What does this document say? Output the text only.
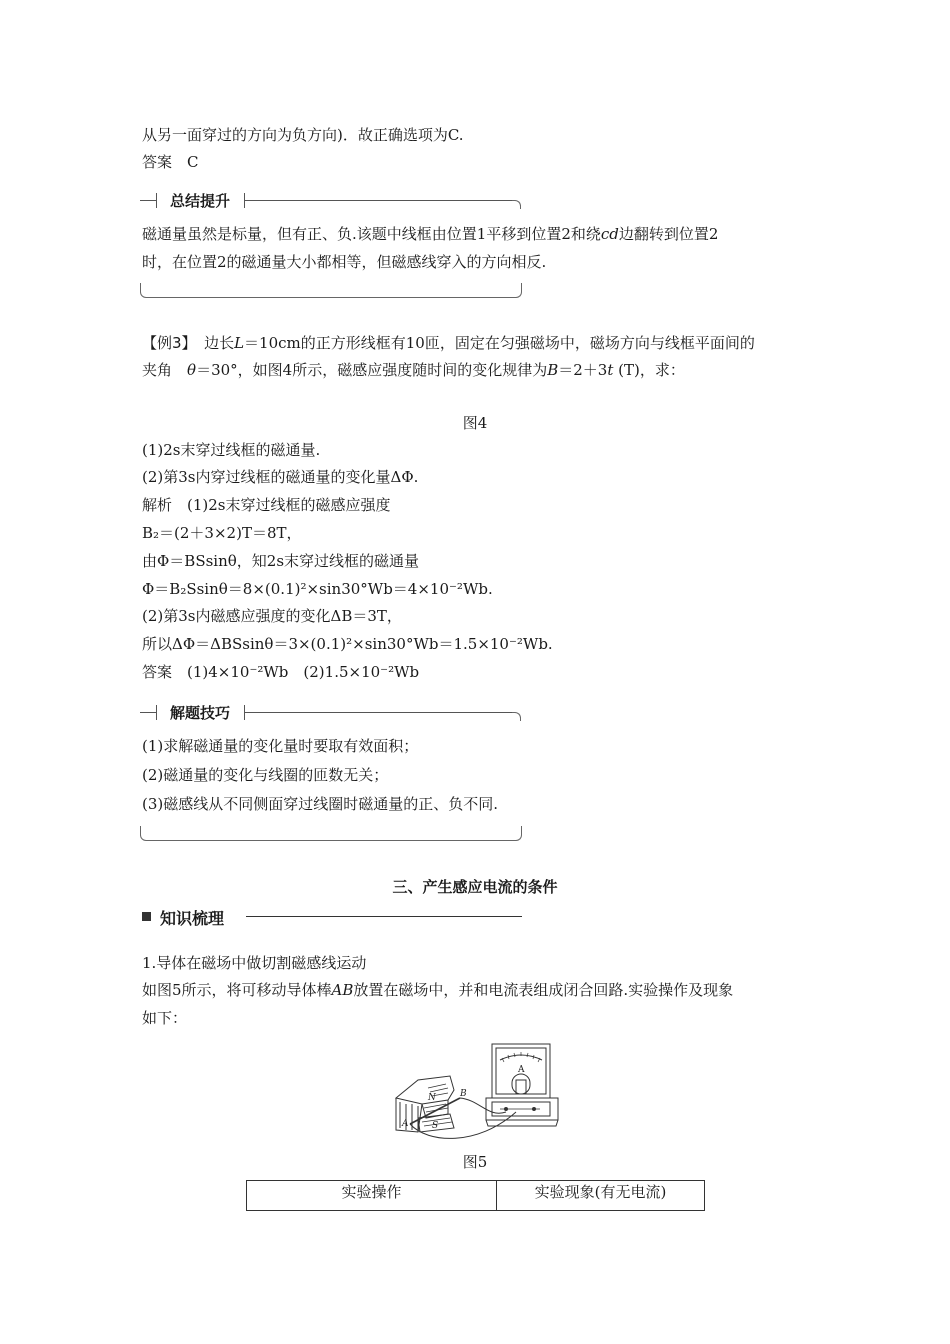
从另一面穿过的方向为负方向)．故正确选项为C.
答案　C
总结提升
磁通量虽然是标量，但有正、负.该题中线框由位置1平移到位置2和绕cd边翻转到位置2
时，在位置2的磁通量大小都相等，但磁感线穿入的方向相反.
【例3】　 边长L＝10cm的正方形线框有10匝，固定在匀强磁场中，磁场方向与线框平面间的
夹角　 θ＝30°，如图4所示，磁感应强度随时间的变化规律为B＝2＋3t (T)，求：
图4
(1)2s末穿过线框的磁通量.
(2)第3s内穿过线框的磁通量的变化量ΔΦ.
解析　(1)2s末穿过线框的磁感应强度
B₂＝(2＋3×2)T＝8T，
由Φ＝BSsinθ，知2s末穿过线框的磁通量
Φ＝B₂Ssinθ＝8×(0.1)²×sin30°Wb＝4×10⁻²Wb.
(2)第3s内磁感应强度的变化ΔB＝3T，
所以ΔΦ＝ΔBSsinθ＝3×(0.1)²×sin30°Wb＝1.5×10⁻²Wb.
答案　(1)4×10⁻²Wb　(2)1.5×10⁻²Wb
解题技巧
(1)求解磁通量的变化量时要取有效面积；
(2)磁通量的变化与线圈的匝数无关；
(3)磁感线从不同侧面穿过线圈时磁通量的正、负不同.
三、产生感应电流的条件
知识梳理
1.导体在磁场中做切割磁感线运动
如图5所示，将可移动导体棒AB放置在磁场中，并和电流表组成闭合回路.实验操作及现象
如下：
B
A
N
S
A
图5
实验操作	实验现象(有无电流)
